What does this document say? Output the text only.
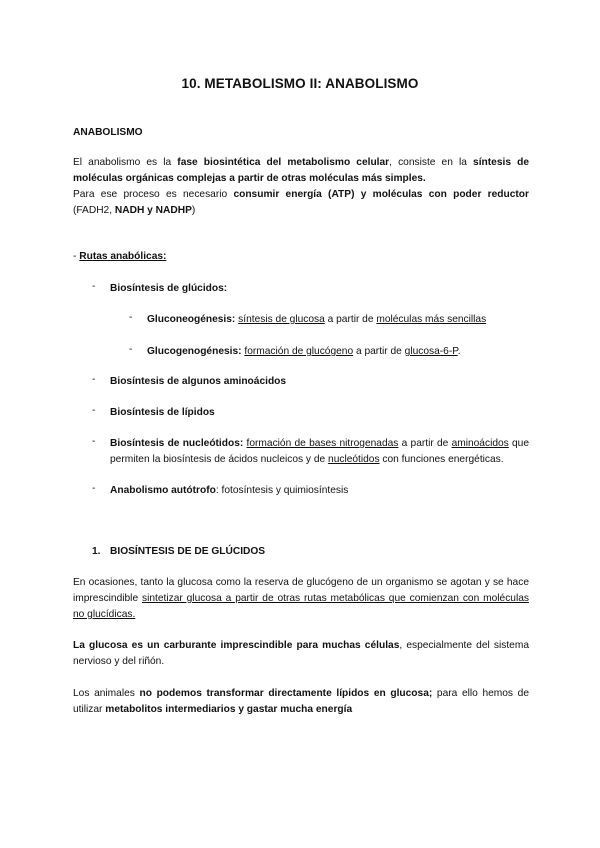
10. METABOLISMO II: ANABOLISMO
ANABOLISMO
El anabolismo es la fase biosintética del metabolismo celular, consiste en la síntesis de moléculas orgánicas complejas a partir de otras moléculas más simples.
Para ese proceso es necesario consumir energía (ATP) y moléculas con poder reductor (FADH2, NADH y NADHP)
- Rutas anabólicas:
- Biosíntesis de glúcidos:
- Gluconeogénesis: síntesis de glucosa a partir de moléculas más sencillas
- Glucogenogénesis: formación de glucógeno a partir de glucosa-6-P.
- Biosíntesis de algunos aminoácidos
- Biosíntesis de lípidos
- Biosíntesis de nucleótidos: formación de bases nitrogenadas a partir de aminoácidos que permiten la biosíntesis de ácidos nucleicos y de nucleótidos con funciones energéticas.
- Anabolismo autótrofo: fotosíntesis y quimiosíntesis
1. BIOSÍNTESIS DE DE GLÚCIDOS
En ocasiones, tanto la glucosa como la reserva de glucógeno de un organismo se agotan y se hace imprescindible sintetizar glucosa a partir de otras rutas metabólicas que comienzan con moléculas no glucídicas.
La glucosa es un carburante imprescindible para muchas células, especialmente del sistema nervioso y del riñón.
Los animales no podemos transformar directamente lípidos en glucosa; para ello hemos de utilizar metabolitos intermediarios y gastar mucha energía
